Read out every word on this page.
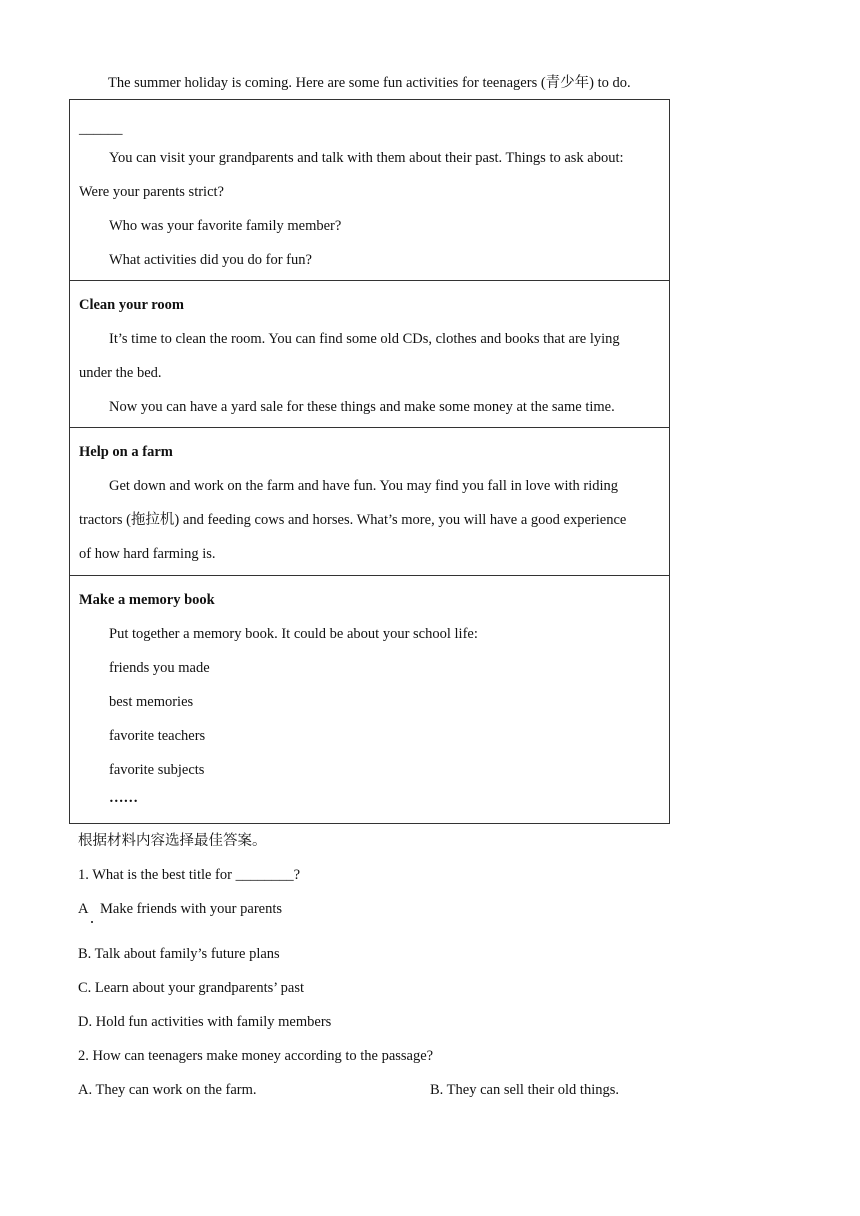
The summer holiday is coming. Here are some fun activities for teenagers (青少年) to do.
______
You can visit your grandparents and talk with them about their past. Things to ask about:
Were your parents strict?
Who was your favorite family member?
What activities did you do for fun?
Clean your room
It’s time to clean the room. You can find some old CDs, clothes and books that are lying
under the bed.
Now you can have a yard sale for these things and make some money at the same time.
Help on a farm
Get down and work on the farm and have fun. You may find you fall in love with riding
tractors (拖拉机) and feeding cows and horses. What’s more, you will have a good experience
of how hard farming is.
Make a memory book
Put together a memory book. It could be about your school life:
friends you made
best memories
favorite teachers
favorite subjects
……
根据材料内容选择最佳答案。
1. What is the best title for ________?
A Make friends with your parents
B. Talk about family’s future plans
C. Learn about your grandparents’ past
D. Hold fun activities with family members
2. How can teenagers make money according to the passage?
A. They can work on the farm.	B. They can sell their old things.
